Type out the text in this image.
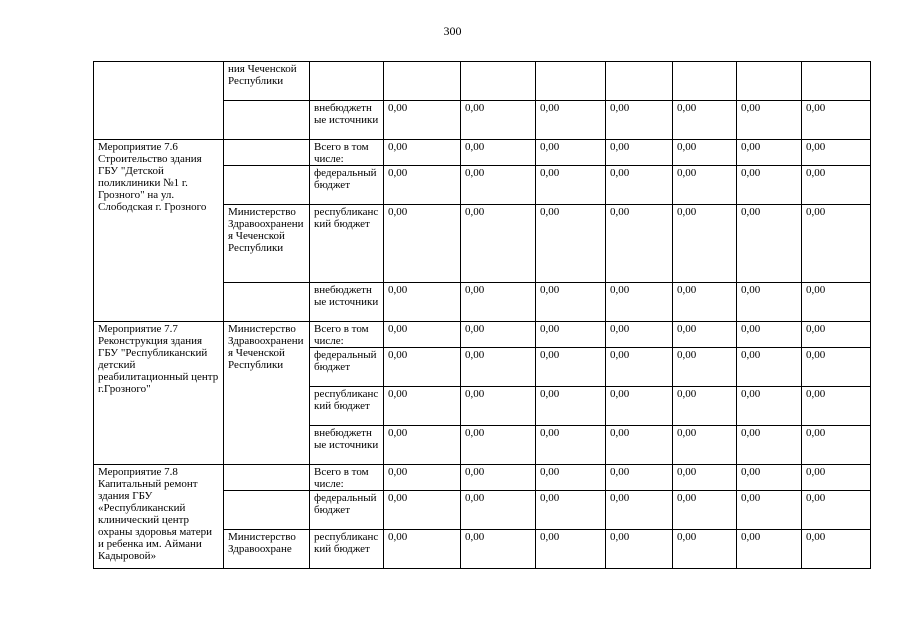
300
	ния Чеченской Республики								
		внебюджетные источники	0,00	0,00	0,00	0,00	0,00	0,00	0,00
Мероприятие 7.6 Строительство здания ГБУ "Детской поликлиники №1 г. Грозного" на ул. Слободская г. Грозного		Всего в том числе:	0,00	0,00	0,00	0,00	0,00	0,00	0,00
		федеральный бюджет	0,00	0,00	0,00	0,00	0,00	0,00	0,00
	Министерство Здравоохранения Чеченской Республики	республиканский бюджет	0,00	0,00	0,00	0,00	0,00	0,00	0,00
		внебюджетные источники	0,00	0,00	0,00	0,00	0,00	0,00	0,00
Мероприятие 7.7 Реконструкция здания ГБУ "Республиканский детский реабилитационный центр г.Грозного"	Министерство Здравоохранения Чеченской Республики	Всего в том числе:	0,00	0,00	0,00	0,00	0,00	0,00	0,00
		федеральный бюджет	0,00	0,00	0,00	0,00	0,00	0,00	0,00
		республиканский бюджет	0,00	0,00	0,00	0,00	0,00	0,00	0,00
		внебюджетные источники	0,00	0,00	0,00	0,00	0,00	0,00	0,00
Мероприятие 7.8 Капитальный ремонт здания ГБУ «Республиканский клинический центр охраны здоровья матери и ребенка им. Аймани Кадыровой»		Всего в том числе:	0,00	0,00	0,00	0,00	0,00	0,00	0,00
		федеральный бюджет	0,00	0,00	0,00	0,00	0,00	0,00	0,00
	Министерство Здравоохране	республиканский бюджет	0,00	0,00	0,00	0,00	0,00	0,00	0,00
